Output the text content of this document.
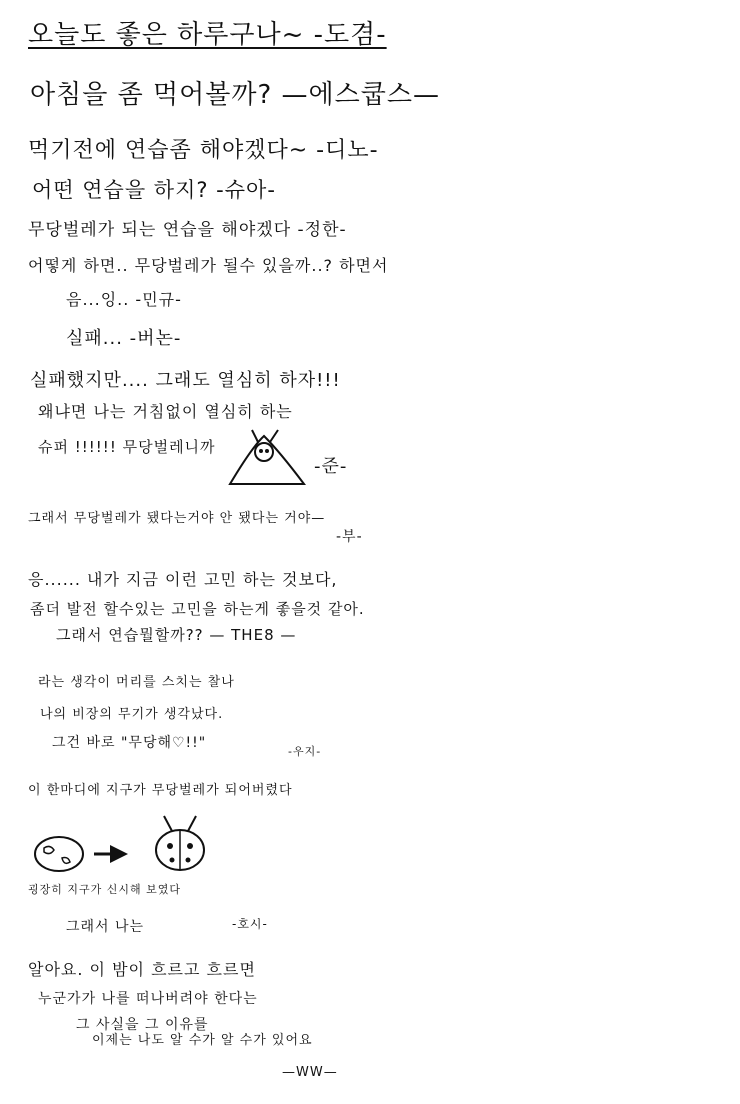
오늘도 좋은 하루구나~ -도겸-
아침을 좀 먹어볼까? —에스쿱스—
먹기전에 연습좀 해야겠다~ -디노-
어떤 연습을 하지? -슈아-
무당벌레가 되는 연습을 해야겠다 -정한-
어떻게 하면.. 무당벌레가 될수 있을까..? 하면서
음...잉.. -민규-
실패... -버논-
실패했지만.... 그래도 열심히 하자!!!
왜냐면 나는 거침없이 열심히 하는
슈퍼 !!!!!! 무당벌레니까
-준-
그래서 무당벌레가 됐다는거야 안 됐다는 거야—
-부-
응...... 내가 지금 이런 고민 하는 것보다,
좀더 발전 할수있는 고민을 하는게 좋을것 같아.
그래서 연습뭘할까?? — THE8 —
라는 생각이 머리를 스치는 찰나
나의 비장의 무기가 생각났다.
그건 바로 "무당해♡!!"
-우지-
이 한마디에 지구가 무당벌레가 되어버렸다
굉장히 지구가 신시해 보였다
그래서 나는	-호시-
알아요. 이 밤이 흐르고 흐르면
누군가가 나를 떠나버려야 한다는
그 사실을 그 이유를
이제는 나도 알 수가 알 수가 있어요
—WW—
